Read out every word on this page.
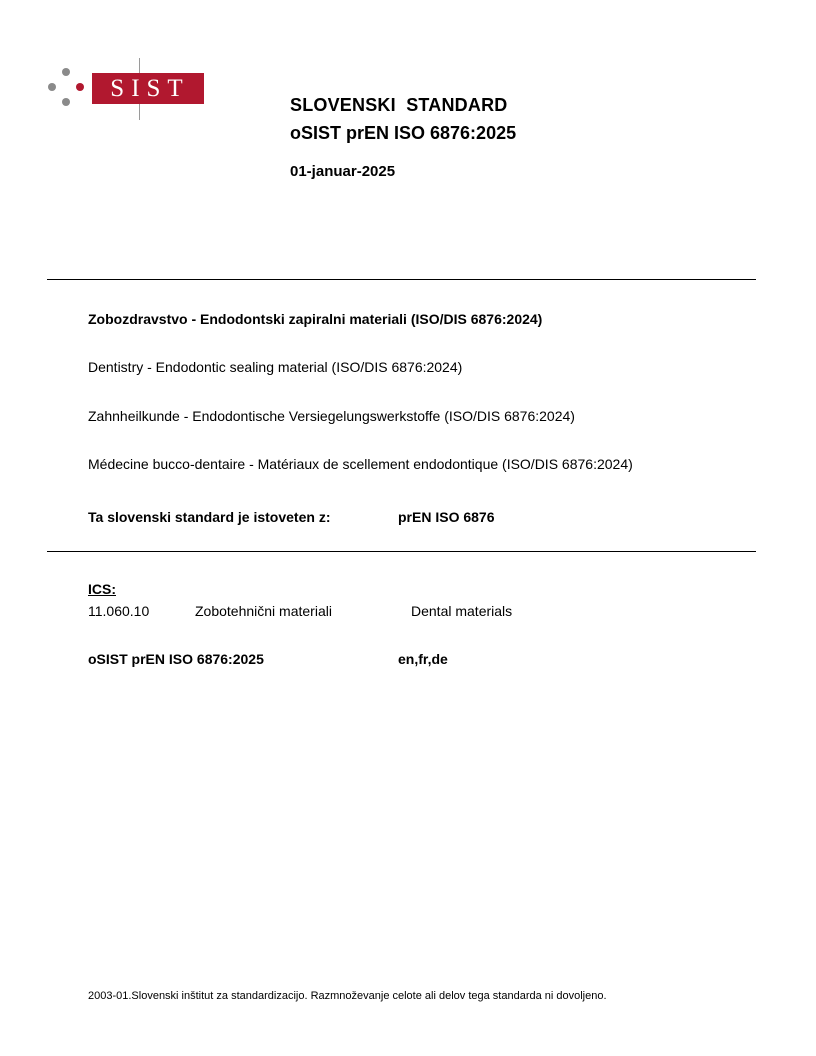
SIST
SLOVENSKI  STANDARD
oSIST prEN ISO 6876:2025
01-januar-2025
Zobozdravstvo - Endodontski zapiralni materiali (ISO/DIS 6876:2024)
Dentistry - Endodontic sealing material (ISO/DIS 6876:2024)
Zahnheilkunde - Endodontische Versiegelungswerkstoffe (ISO/DIS 6876:2024)
Médecine bucco-dentaire - Matériaux de scellement endodontique (ISO/DIS 6876:2024)
Ta slovenski standard je istoveten z:	prEN ISO 6876
ICS:
11.060.10	Zobotehnični materiali	Dental materials
oSIST prEN ISO 6876:2025	en,fr,de
2003-01.Slovenski inštitut za standardizacijo. Razmnoževanje celote ali delov tega standarda ni dovoljeno.
